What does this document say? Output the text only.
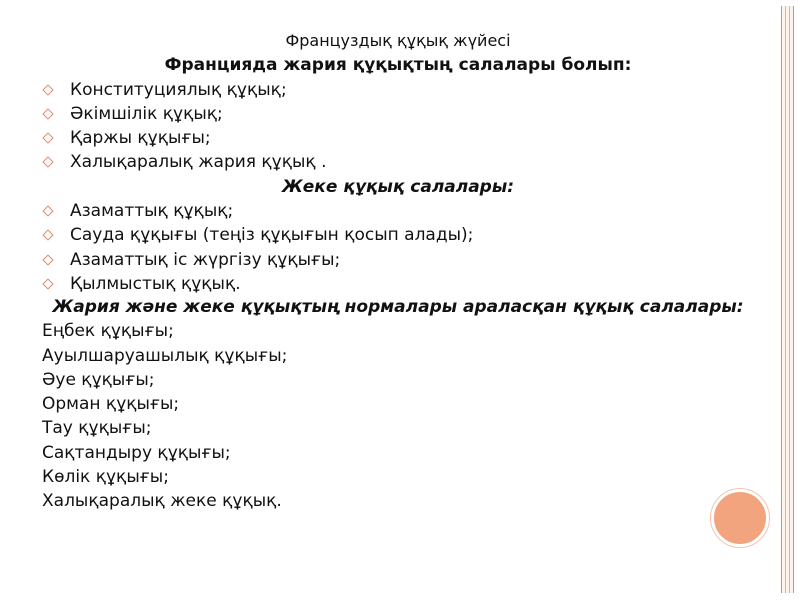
Француздық құқық жүйесі

Францияда жария құқықтың салалары болып:

Конституциялық құқық;

Әкімшілік құқық;

Қаржы құқығы;

Халықаралық жария құқық .

Жеке құқық салалары:

Азаматтық құқық;

Сауда құқығы (теңіз құқығын қосып алады);

Азаматтық іс жүргізу құқығы;

Қылмыстық құқық.

Жария және жеке құқықтың нормалары араласқан құқық салалары:

Еңбек құқығы;

Ауылшаруашылық құқығы;

Әуе құқығы;

Орман құқығы;

Тау құқығы;

Сақтандыру құқығы;

Көлік құқығы;

Халықаралық жеке құқық.
